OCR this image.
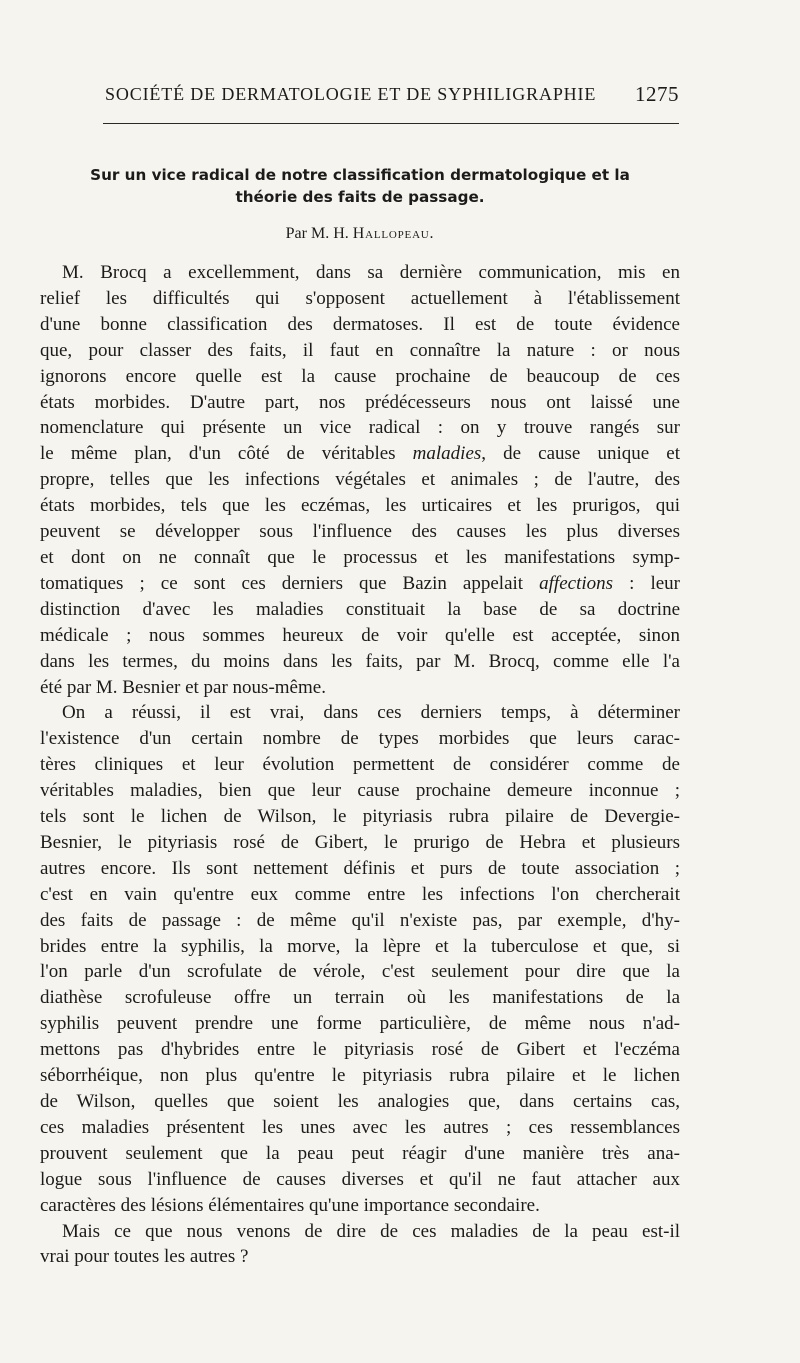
SOCIÉTÉ DE DERMATOLOGIE ET DE SYPHILIGRAPHIE 1275
Sur un vice radical de notre classification dermatologique et la
théorie des faits de passage.
Par M. H. Hallopeau.
M. Brocq a excellemment, dans sa dernière communication, mis en
relief les difficultés qui s'opposent actuellement à l'établissement
d'une bonne classification des dermatoses. Il est de toute évidence
que, pour classer des faits, il faut en connaître la nature : or nous
ignorons encore quelle est la cause prochaine de beaucoup de ces
états morbides. D'autre part, nos prédécesseurs nous ont laissé une
nomenclature qui présente un vice radical : on y trouve rangés sur
le même plan, d'un côté de véritables maladies, de cause unique et
propre, telles que les infections végétales et animales ; de l'autre, des
états morbides, tels que les eczémas, les urticaires et les prurigos, qui
peuvent se développer sous l'influence des causes les plus diverses
et dont on ne connaît que le processus et les manifestations symp-
tomatiques ; ce sont ces derniers que Bazin appelait affections : leur
distinction d'avec les maladies constituait la base de sa doctrine
médicale ; nous sommes heureux de voir qu'elle est acceptée, sinon
dans les termes, du moins dans les faits, par M. Brocq, comme elle l'a
été par M. Besnier et par nous-même.
On a réussi, il est vrai, dans ces derniers temps, à déterminer
l'existence d'un certain nombre de types morbides que leurs carac-
tères cliniques et leur évolution permettent de considérer comme de
véritables maladies, bien que leur cause prochaine demeure inconnue ;
tels sont le lichen de Wilson, le pityriasis rubra pilaire de Devergie-
Besnier, le pityriasis rosé de Gibert, le prurigo de Hebra et plusieurs
autres encore. Ils sont nettement définis et purs de toute association ;
c'est en vain qu'entre eux comme entre les infections l'on chercherait
des faits de passage : de même qu'il n'existe pas, par exemple, d'hy-
brides entre la syphilis, la morve, la lèpre et la tuberculose et que, si
l'on parle d'un scrofulate de vérole, c'est seulement pour dire que la
diathèse scrofuleuse offre un terrain où les manifestations de la
syphilis peuvent prendre une forme particulière, de même nous n'ad-
mettons pas d'hybrides entre le pityriasis rosé de Gibert et l'eczéma
séborrhéique, non plus qu'entre le pityriasis rubra pilaire et le lichen
de Wilson, quelles que soient les analogies que, dans certains cas,
ces maladies présentent les unes avec les autres ; ces ressemblances
prouvent seulement que la peau peut réagir d'une manière très ana-
logue sous l'influence de causes diverses et qu'il ne faut attacher aux
caractères des lésions élémentaires qu'une importance secondaire.
Mais ce que nous venons de dire de ces maladies de la peau est-il
vrai pour toutes les autres ?
